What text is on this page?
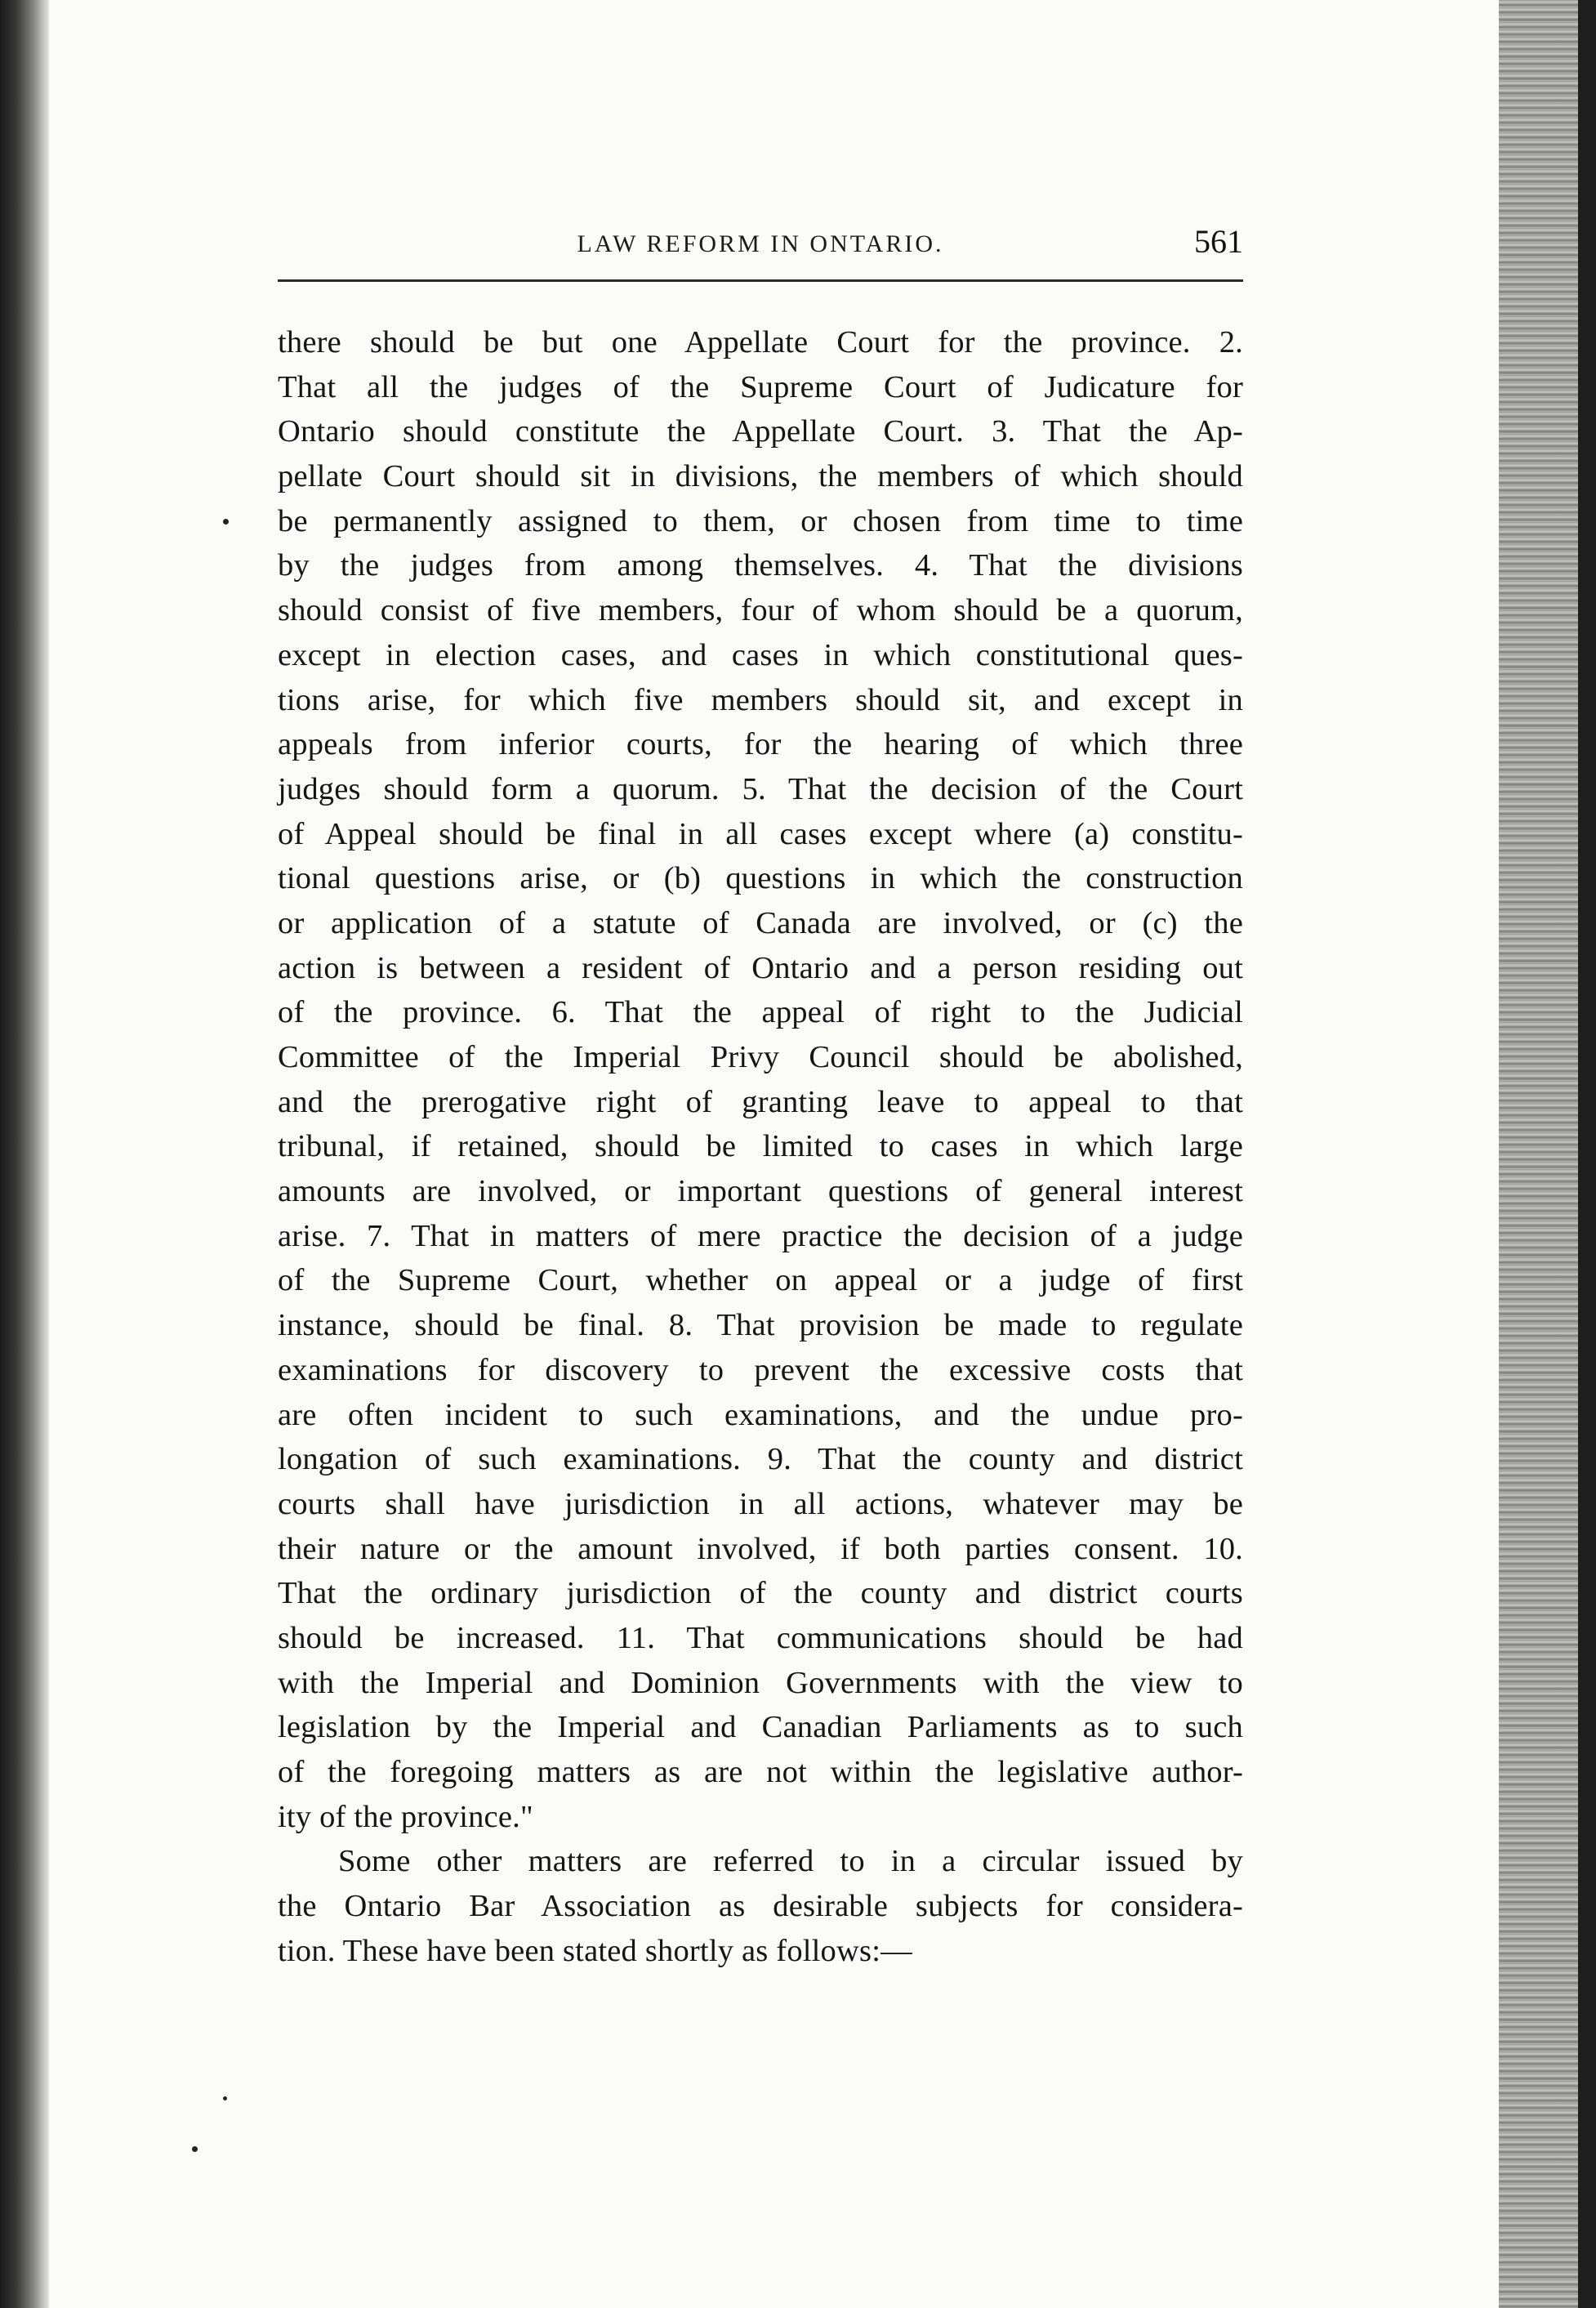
LAW REFORM IN ONTARIO.	561
there should be but one Appellate Court for the province. 2.
That all the judges of the Supreme Court of Judicature for
Ontario should constitute the Appellate Court. 3. That the Ap-
pellate Court should sit in divisions, the members of which should
be permanently assigned to them, or chosen from time to time
by the judges from among themselves. 4. That the divisions
should consist of five members, four of whom should be a quorum,
except in election cases, and cases in which constitutional ques-
tions arise, for which five members should sit, and except in
appeals from inferior courts, for the hearing of which three
judges should form a quorum. 5. That the decision of the Court
of Appeal should be final in all cases except where (a) constitu-
tional questions arise, or (b) questions in which the construction
or application of a statute of Canada are involved, or (c) the
action is between a resident of Ontario and a person residing out
of the province. 6. That the appeal of right to the Judicial
Committee of the Imperial Privy Council should be abolished,
and the prerogative right of granting leave to appeal to that
tribunal, if retained, should be limited to cases in which large
amounts are involved, or important questions of general interest
arise. 7. That in matters of mere practice the decision of a judge
of the Supreme Court, whether on appeal or a judge of first
instance, should be final. 8. That provision be made to regulate
examinations for discovery to prevent the excessive costs that
are often incident to such examinations, and the undue pro-
longation of such examinations. 9. That the county and district
courts shall have jurisdiction in all actions, whatever may be
their nature or the amount involved, if both parties consent. 10.
That the ordinary jurisdiction of the county and district courts
should be increased. 11. That communications should be had
with the Imperial and Dominion Governments with the view to
legislation by the Imperial and Canadian Parliaments as to such
of the foregoing matters as are not within the legislative author-
ity of the province."
Some other matters are referred to in a circular issued by
the Ontario Bar Association as desirable subjects for considera-
tion. These have been stated shortly as follows:—
